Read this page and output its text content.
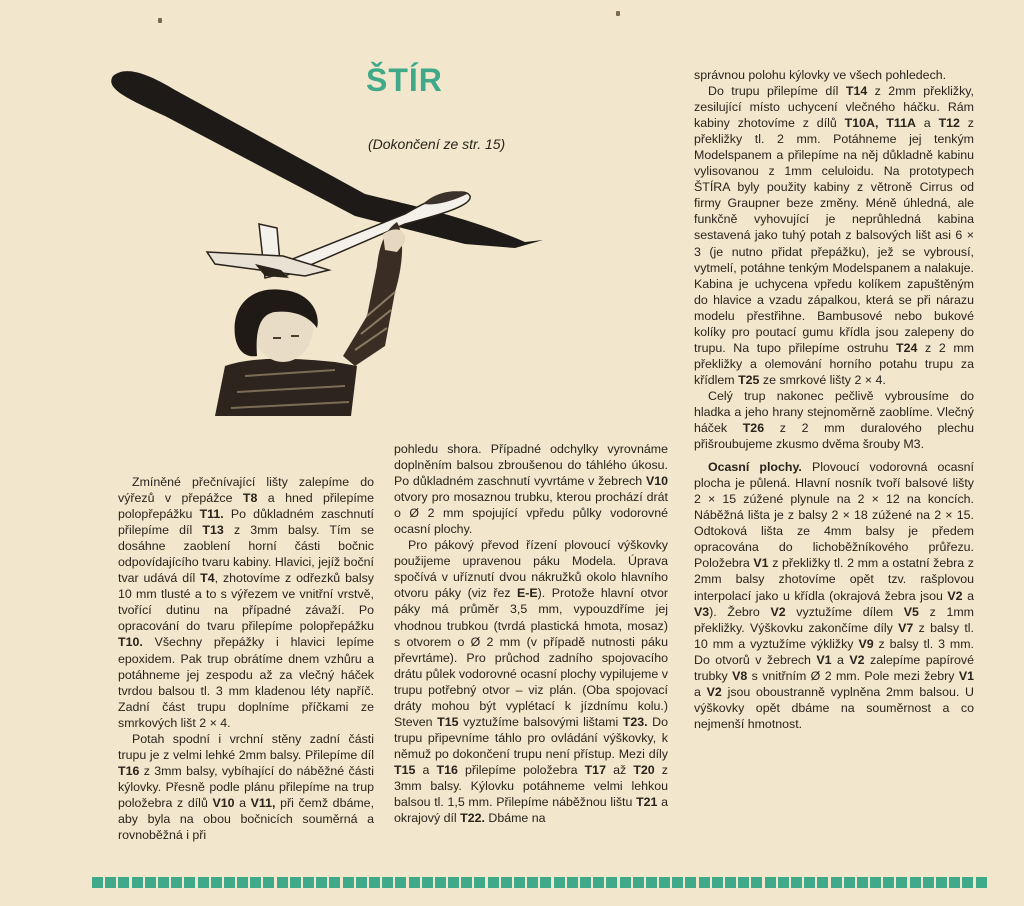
ŠTÍR
(Dokončení ze str. 15)

Zmíněné přečnívající lišty zalepíme do výřezů v přepážce T8 a hned přilepíme polopřepážku T11. Po důkladném zaschnutí přilepíme díl T13 z 3mm balsy. Tím se dosáhne zaoblení horní části bočnic odpovídajícího tvaru kabiny. Hlavici, jejíž boční tvar udává díl T4, zhotovíme z odřezků balsy 10 mm tlusté a to s výřezem ve vnitřní vrstvě, tvořící dutinu na případné závaží. Po opracování do tvaru přilepíme polopřepážku T10. Všechny přepážky i hlavici lepíme epoxidem. Pak trup obrátíme dnem vzhůru a potáhneme jej zespodu až za vlečný háček tvrdou balsou tl. 3 mm kladenou léty napříč. Zadní část trupu doplníme příčkami ze smrkových lišt 2 × 4.

Potah spodní i vrchní stěny zadní části trupu je z velmi lehké 2mm balsy. Přilepíme díl T16 z 3mm balsy, vybíhající do náběžné části kýlovky. Přesně podle plánu přilepíme na trup položebra z dílů V10 a V11, při čemž dbáme, aby byla na obou bočnicích souměrná a rovnoběžná i při

pohledu shora. Případné odchylky vyrovnáme doplněním balsou zbroušenou do táhlého úkosu. Po důkladném zaschnutí vyvrtáme v žebrech V10 otvory pro mosaznou trubku, kterou prochází drát o Ø 2 mm spojující vpředu půlky vodorovné ocasní plochy.

Pro pákový převod řízení plovoucí výškovky použijeme upravenou páku Modela. Úprava spočívá v uříznutí dvou nákružků okolo hlavního otvoru páky (viz řez E-E). Protože hlavní otvor páky má průměr 3,5 mm, vypouzdříme jej vhodnou trubkou (tvrdá plastická hmota, mosaz) s otvorem o Ø 2 mm (v případě nutnosti páku převrtáme). Pro průchod zadního spojovacího drátu půlek vodorovné ocasní plochy vypilujeme v trupu potřebný otvor – viz plán. (Oba spojovací dráty mohou být vyplétací k jízdnímu kolu.) Steven T15 vyztužíme balsovými lištami T23. Do trupu připevníme táhlo pro ovládání výškovky, k němuž po dokončení trupu není přístup. Mezi díly T15 a T16 přilepíme položebra T17 až T20 z 3mm balsy. Kýlovku potáhneme velmi lehkou balsou tl. 1,5 mm. Přilepíme náběžnou lištu T21 a okrajový díl T22. Dbáme na

správnou polohu kýlovky ve všech pohledech.

Do trupu přilepíme díl T14 z 2mm překližky, zesilující místo uchycení vlečného háčku. Rám kabiny zhotovíme z dílů T10A, T11A a T12 z překližky tl. 2 mm. Potáhneme jej tenkým Modelspanem a přilepíme na něj důkladně kabinu vylisovanou z 1mm celuloidu. Na prototypech ŠTÍRA byly použity kabiny z větroně Cirrus od firmy Graupner beze změny. Méně úhledná, ale funkčně vyhovující je neprůhledná kabina sestavená jako tuhý potah z balsových lišt asi 6 × 3 (je nutno přidat přepážku), jež se vybrousí, vytmelí, potáhne tenkým Modelspanem a nalakuje. Kabina je uchycena vpředu kolíkem zapuštěným do hlavice a vzadu zápalkou, která se při nárazu modelu přestřihne. Bambusové nebo bukové kolíky pro poutací gumu křídla jsou zalepeny do trupu. Na tupo přilepíme ostruhu T24 z 2 mm překližky a olemování horního potahu trupu za křídlem T25 ze smrkové lišty 2 × 4.

Celý trup nakonec pečlivě vybrousíme do hladka a jeho hrany stejnoměrně zaoblíme. Vlečný háček T26 z 2 mm duralového plechu přišroubujeme zkusmo dvěma šrouby M3.

Ocasní plochy. Plovoucí vodorovná ocasní plocha je půlená. Hlavní nosník tvoří balsové lišty 2 × 15 zúžené plynule na 2 × 12 na koncích. Náběžná lišta je z balsy 2 × 18 zúžené na 2 × 15. Odtoková lišta ze 4mm balsy je předem opracována do lichoběžníkového průřezu. Položebra V1 z překližky tl. 2 mm a ostatní žebra z 2mm balsy zhotovíme opět tzv. rašplovou interpolací jako u křídla (okrajová žebra jsou V2 a V3). Žebro V2 vyztužíme dílem V5 z 1mm překližky. Výškovku zakončíme díly V7 z balsy tl. 10 mm a vyztužíme výkližky V9 z balsy tl. 3 mm. Do otvorů v žebrech V1 a V2 zalepíme papírové trubky V8 s vnitřním Ø 2 mm. Pole mezi žebry V1 a V2 jsou oboustranně vyplněna 2mm balsou. U výškovky opět dbáme na souměrnost a co nejmenší hmotnost.
